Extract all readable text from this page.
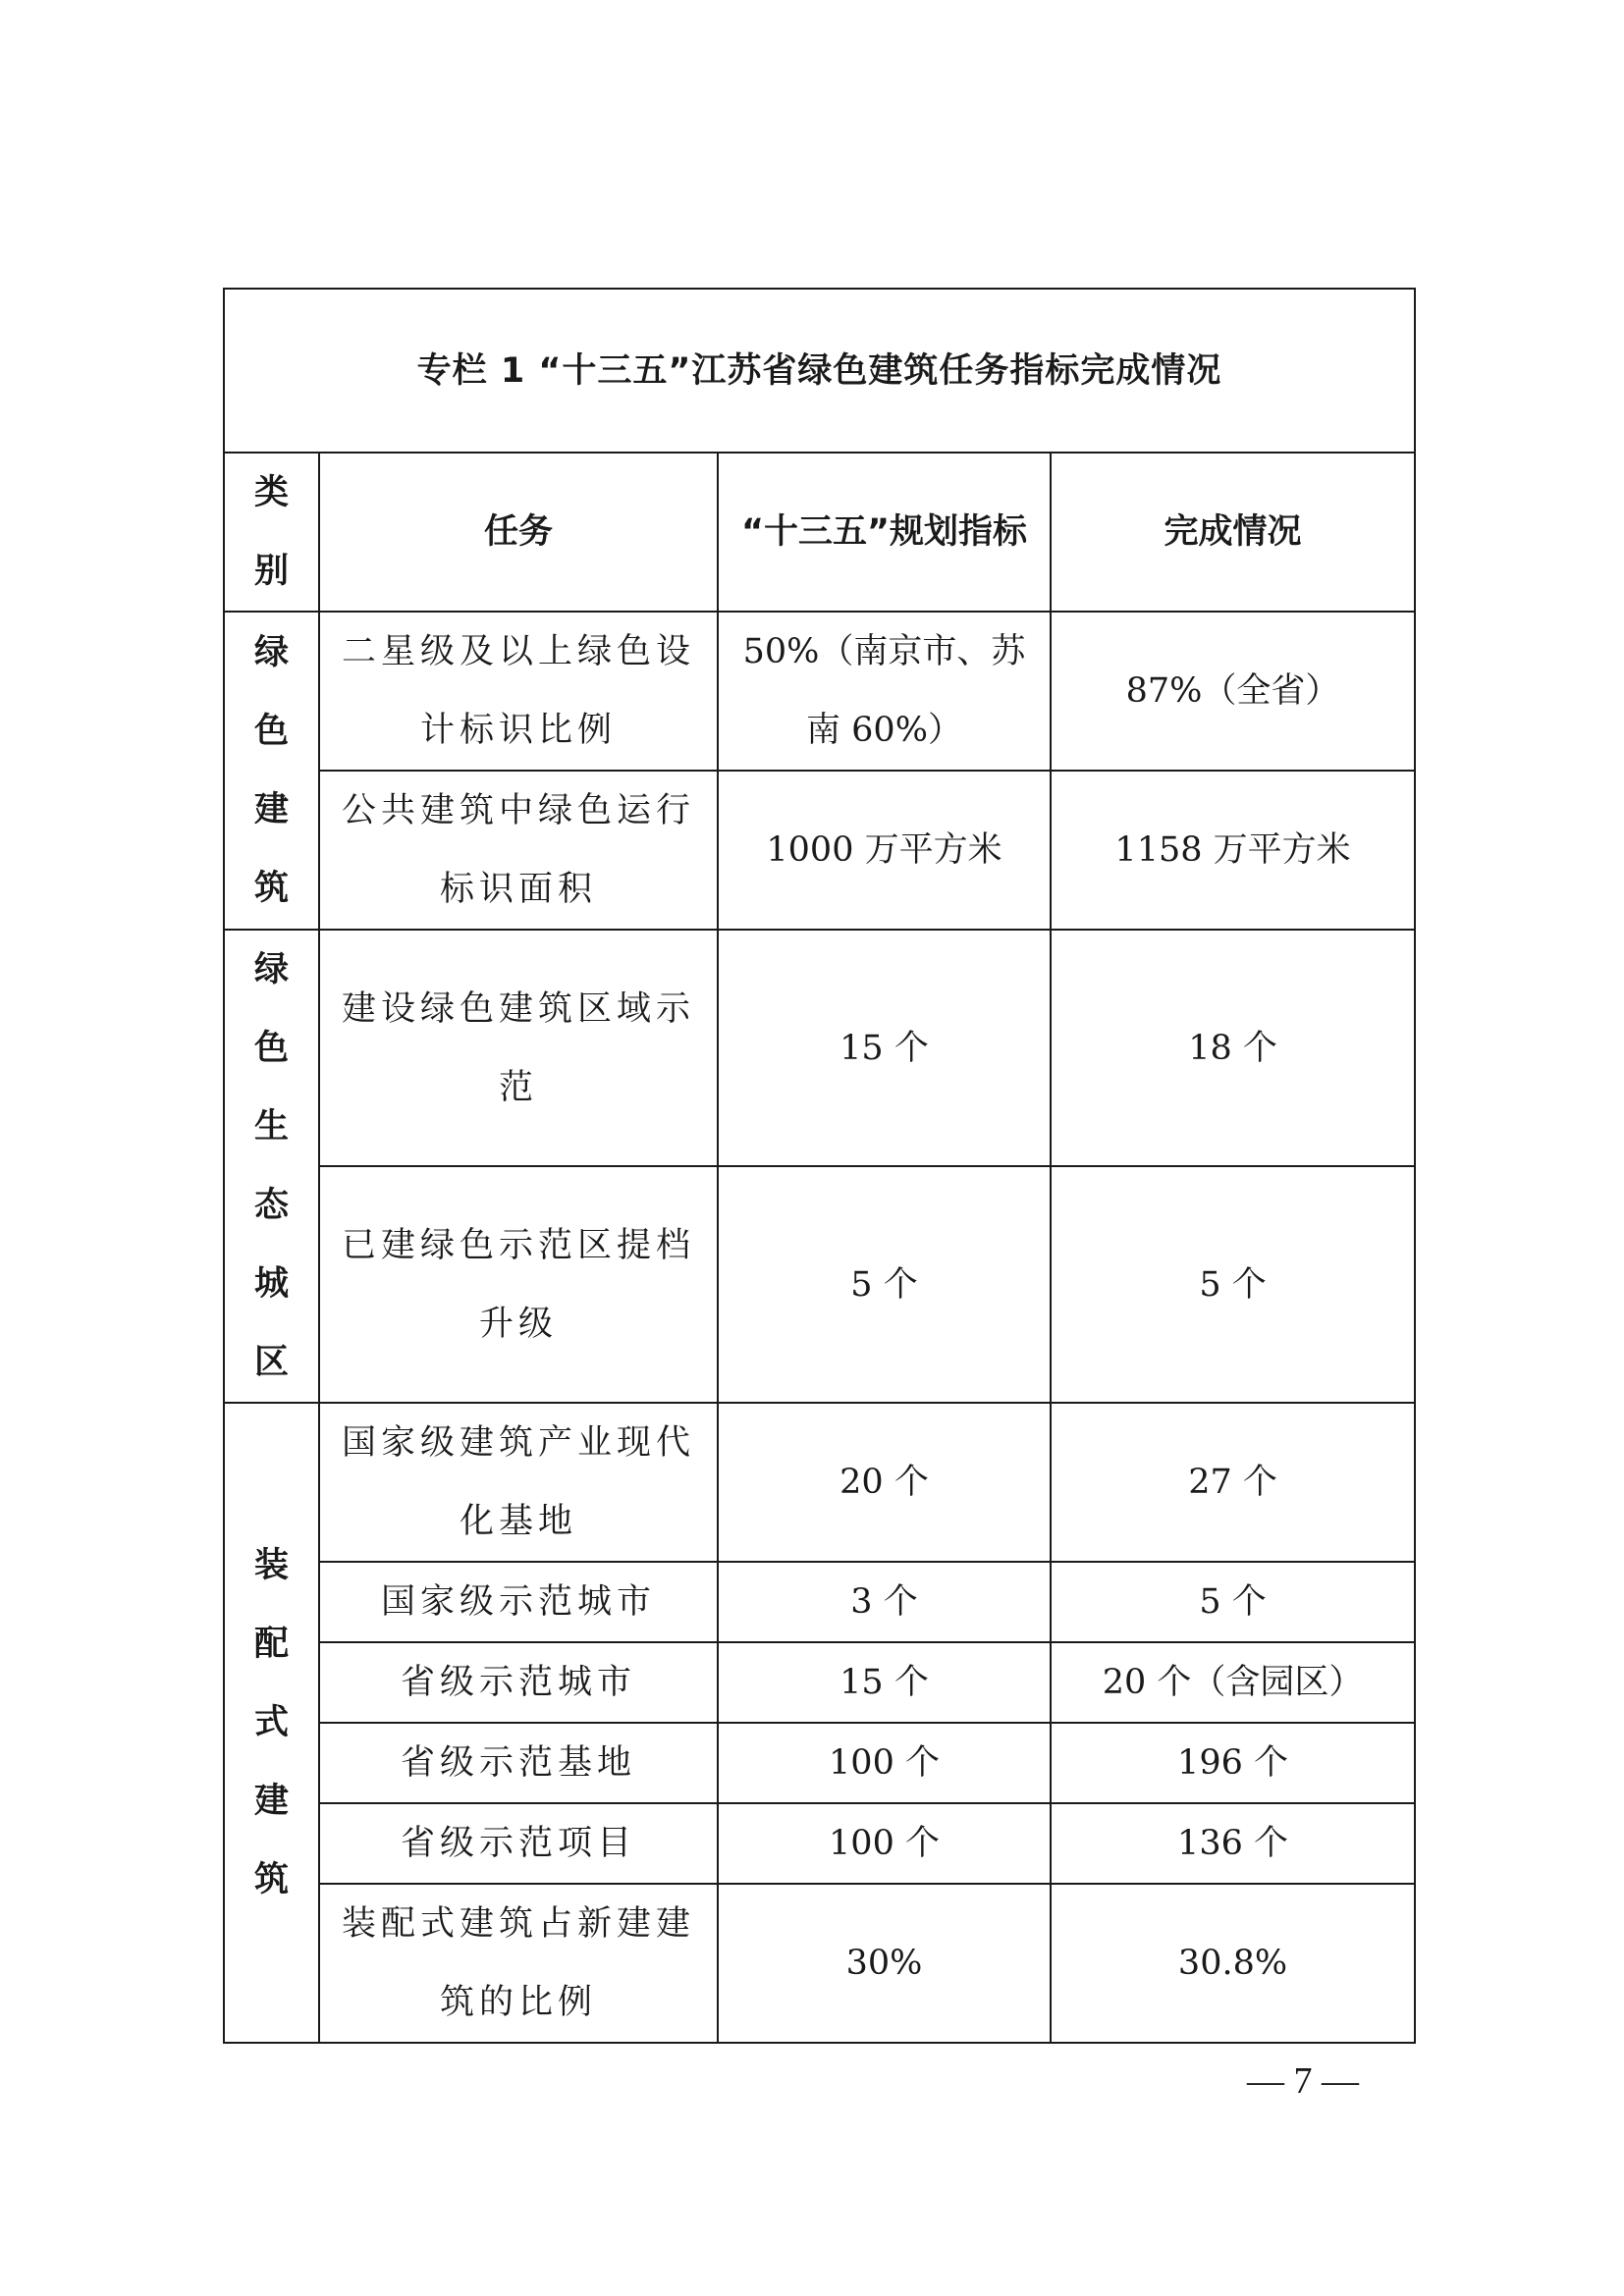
专栏 1 “十三五”江苏省绿色建筑任务指标完成情况			

类别	任务	“十三五”规划指标	完成情况

绿色建筑	二星级及以上绿色设计标识比例	50%（南京市、苏南 60%）	87%（全省）

	公共建筑中绿色运行标识面积	1000 万平方米	1158 万平方米

绿色生态城区	建设绿色建筑区域示范	15 个	18 个

	已建绿色示范区提档升级	5 个	5 个

装配式建筑	国家级建筑产业现代化基地	20 个	27 个

	国家级示范城市	3 个	5 个

	省级示范城市	15 个	20 个（含园区）

	省级示范基地	100 个	196 个

	省级示范项目	100 个	136 个

	装配式建筑占新建建筑的比例	30%	30.8%
— 7 —
